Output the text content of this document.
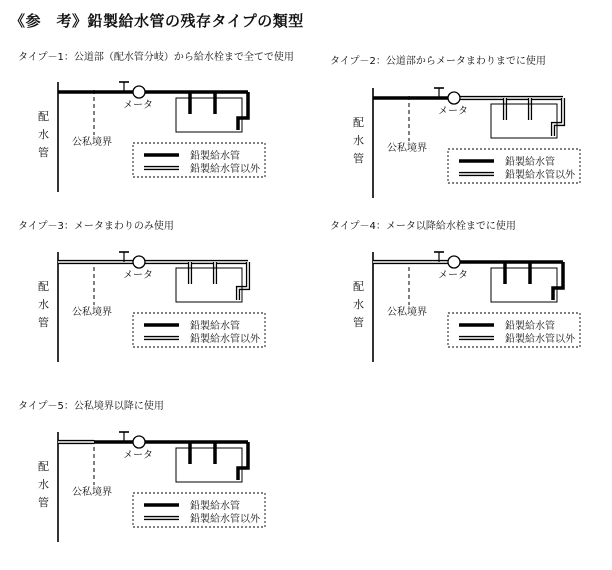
《参　考》鉛製給水管の残存タイプの類型
タイプ－1：公道部（配水管分岐）から給水栓まで全てで使用	タイプ－2：公道部からメータまわりまでに使用
タイプ－3：メータまわりのみ使用	タイプ－4：メータ以降給水栓までに使用
タイプ－5：公私境界以降に使用
配
水
管
公私境界
メータ
鉛製給水管
鉛製給水管以外
配
水
管
公私境界
メータ
鉛製給水管
鉛製給水管以外
配
水
管
公私境界
メータ
鉛製給水管
鉛製給水管以外
配
水
管
公私境界
メータ
鉛製給水管
鉛製給水管以外
配
水
管
公私境界
メータ
鉛製給水管
鉛製給水管以外
